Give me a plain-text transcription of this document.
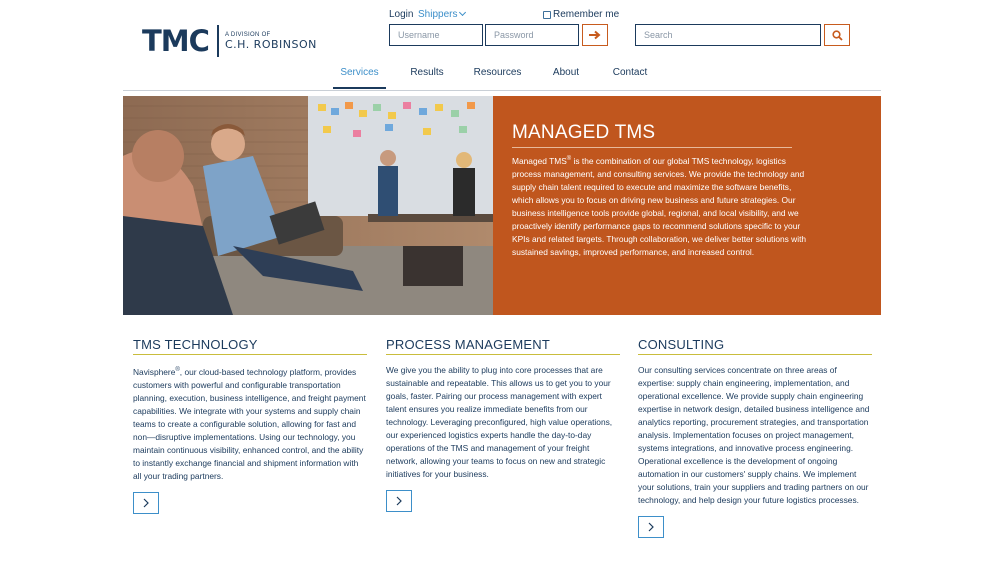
TMC	A DIVISION OF
C.H. ROBINSON
Login Shippers	Remember me
Username	Password	Search
Services	Results	Resources	About	Contact
MANAGED TMS

Managed TMS® is the combination of our global TMS technology, logistics process management, and consulting services. We provide the technology and supply chain talent required to execute and maximize the software benefits, which allows you to focus on driving new business and future strategies. Our business intelligence tools provide global, regional, and local visibility, and we proactively identify performance gaps to recommend solutions specific to your KPIs and related targets. Through collaboration, we deliver better solutions with sustained savings, improved performance, and increased control.

TMS TECHNOLOGY

Navisphere®, our cloud-based technology platform, provides customers with powerful and configurable transportation planning, execution, business intelligence, and freight payment capabilities. We integrate with your systems and supply chain teams to create a configurable solution, allowing for fast and non—disruptive implementations. Using our technology, you maintain continuous visibility, enhanced control, and the ability to instantly exchange financial and shipment information with all your trading partners.

PROCESS MANAGEMENT

We give you the ability to plug into core processes that are sustainable and repeatable. This allows us to get you to your goals, faster. Pairing our process management with expert talent ensures you realize immediate benefits from our technology. Leveraging preconfigured, high value operations, our experienced logistics experts handle the day-to-day operations of the TMS and management of your freight network, allowing your teams to focus on new and strategic initiatives for your business.

CONSULTING

Our consulting services concentrate on three areas of expertise: supply chain engineering, implementation, and operational excellence. We provide supply chain engineering expertise in network design, detailed business intelligence and analytics reporting, procurement strategies, and transportation analysis. Implementation focuses on project management, systems integrations, and innovative process engineering. Operational excellence is the development of ongoing automation in our customers' supply chains. We implement your solutions, train your suppliers and trading partners on our technology, and help design your future logistics processes.
